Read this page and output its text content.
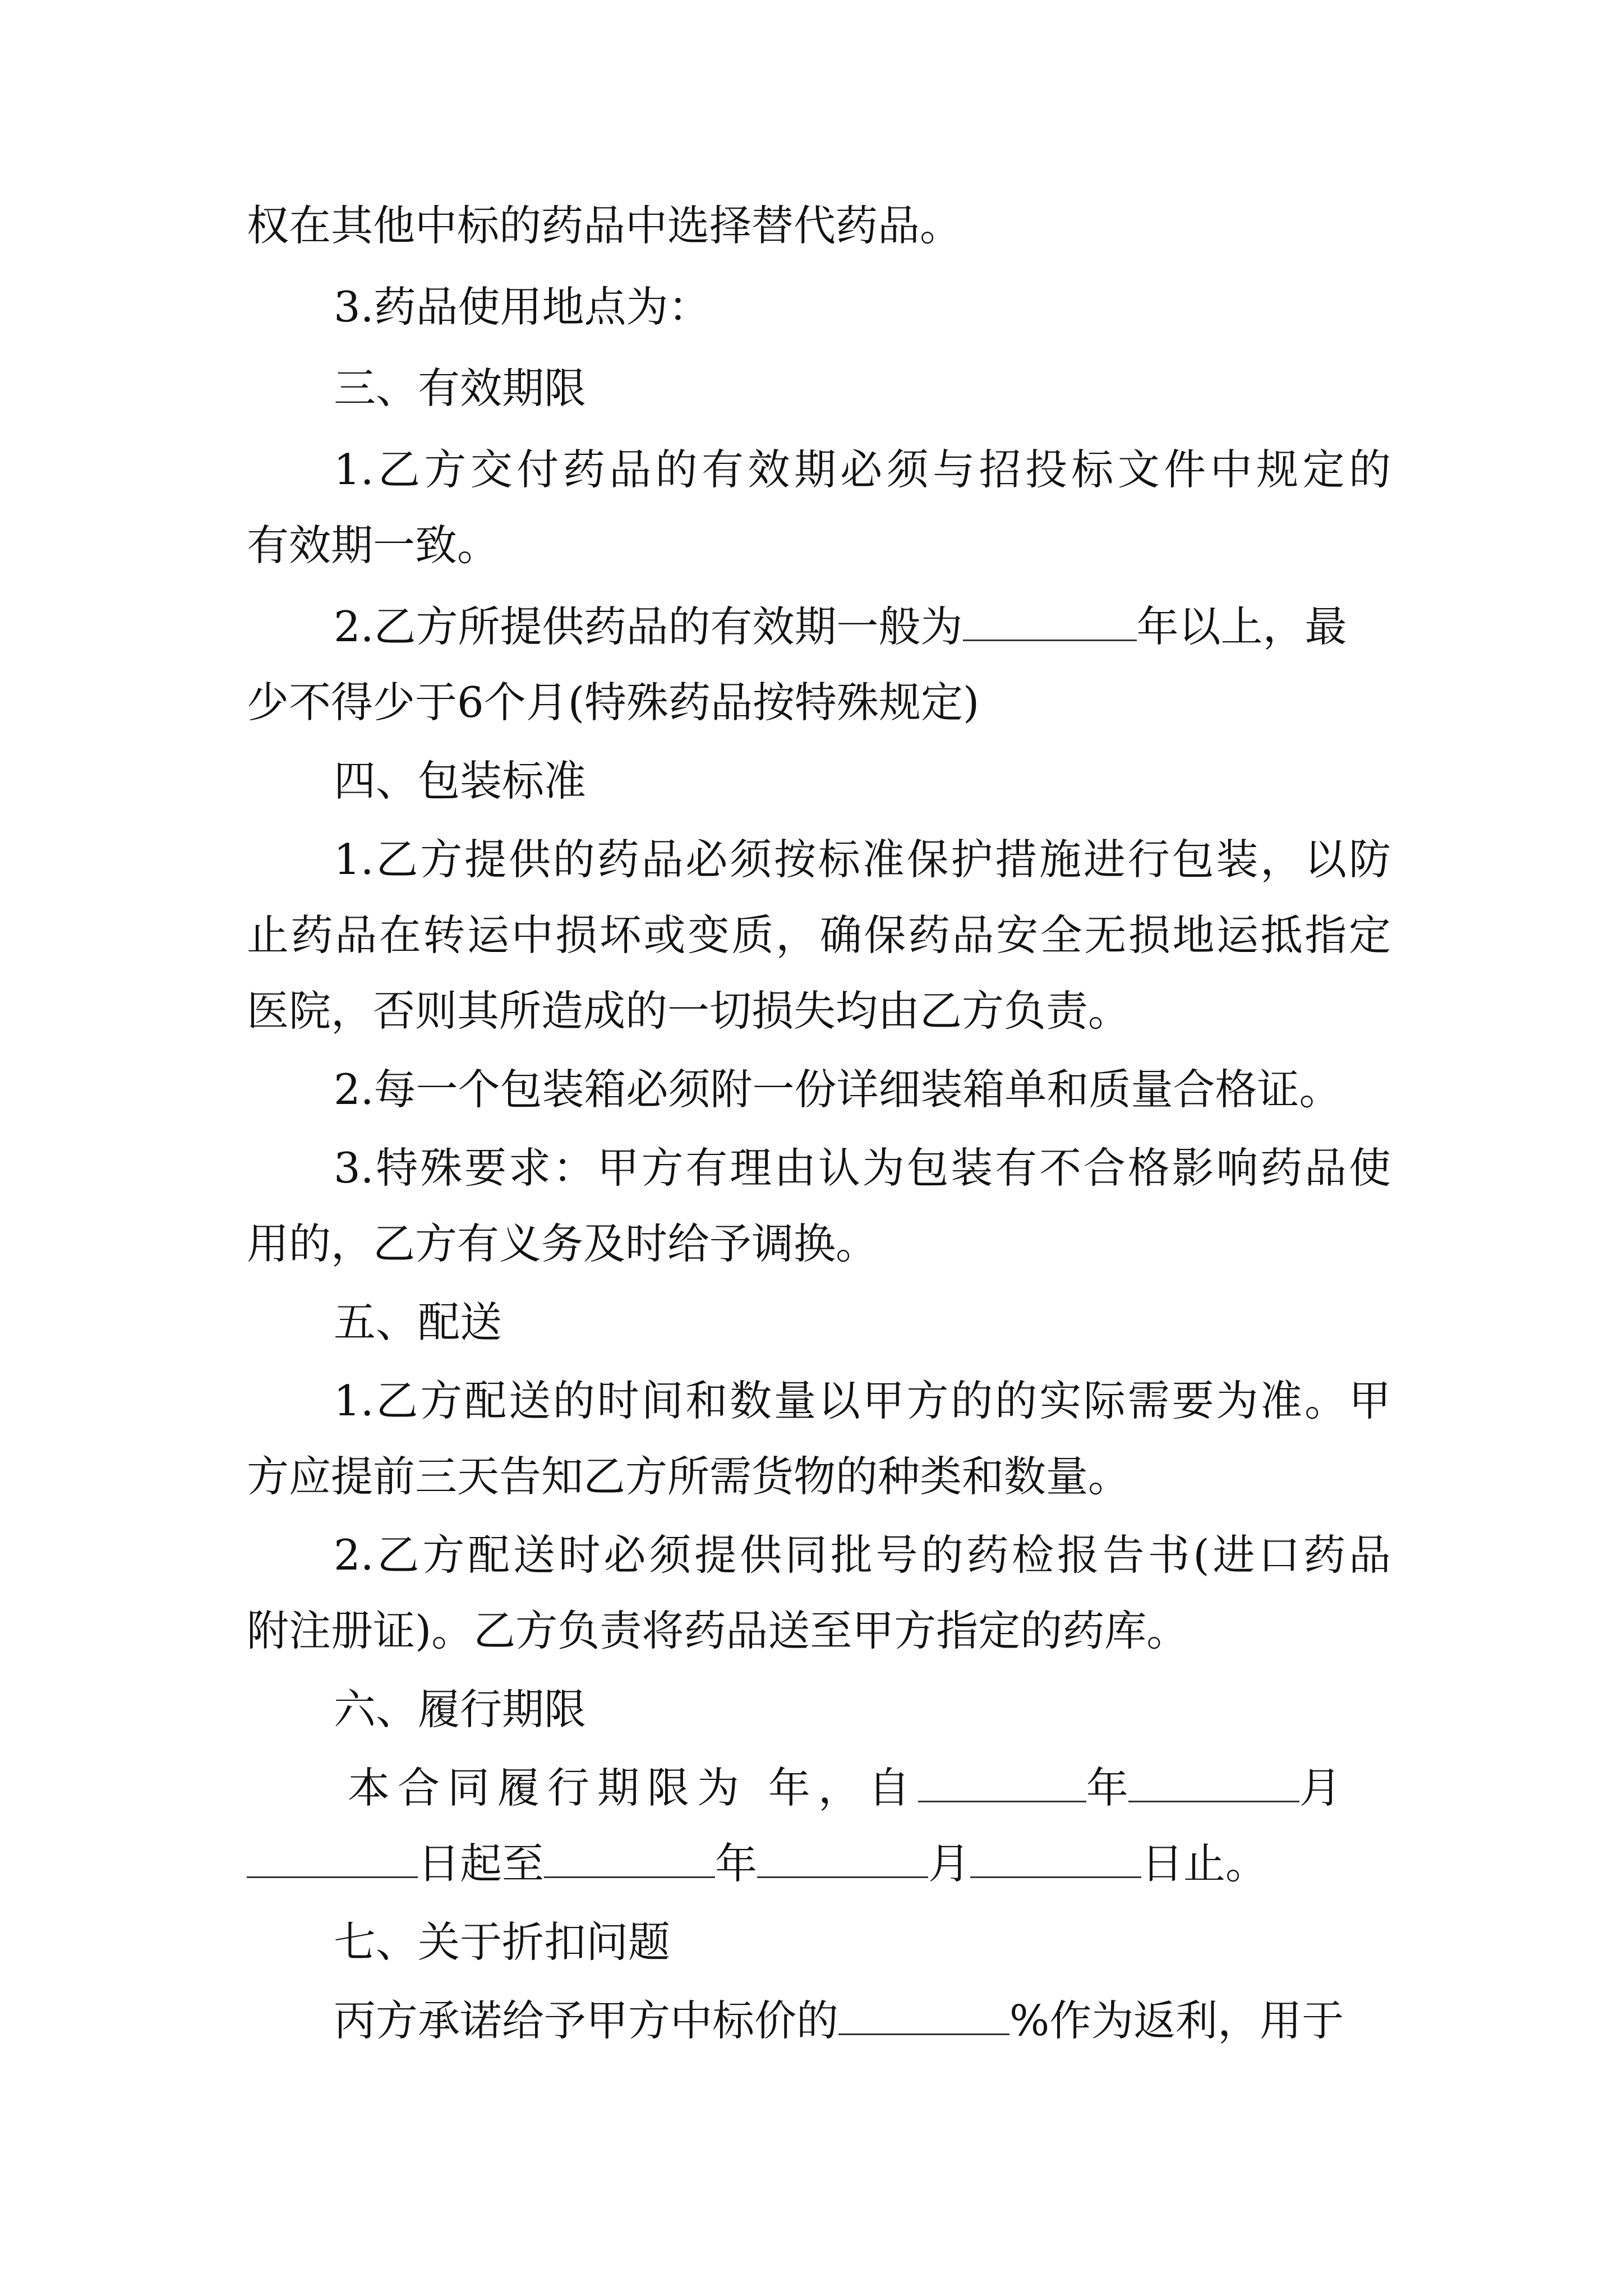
权在其他中标的药品中选择替代药品。
3.药品使用地点为：
三、有效期限
1.乙方交付药品的有效期必须与招投标文件中规定的
有效期一致。
2.乙方所提供药品的有效期一般为	年以上，最
少不得少于6个月(特殊药品按特殊规定)
四、包装标准
1.乙方提供的药品必须按标准保护措施进行包装，以防
止药品在转运中损坏或变质，确保药品安全无损地运抵指定
医院，否则其所造成的一切损失均由乙方负责。
2.每一个包装箱必须附一份详细装箱单和质量合格证。
3.特殊要求：甲方有理由认为包装有不合格影响药品使
用的，乙方有义务及时给予调换。
五、配送
1.乙方配送的时间和数量以甲方的的实际需要为准。甲
方应提前三天告知乙方所需货物的种类和数量。
2.乙方配送时必须提供同批号的药检报告书(进口药品
附注册证)。乙方负责将药品送至甲方指定的药库。
六、履行期限
本合同履行期限为 年，自	年	月
日起至	年	月	日止。
七、关于折扣问题
丙方承诺给予甲方中标价的	%作为返利，用于
